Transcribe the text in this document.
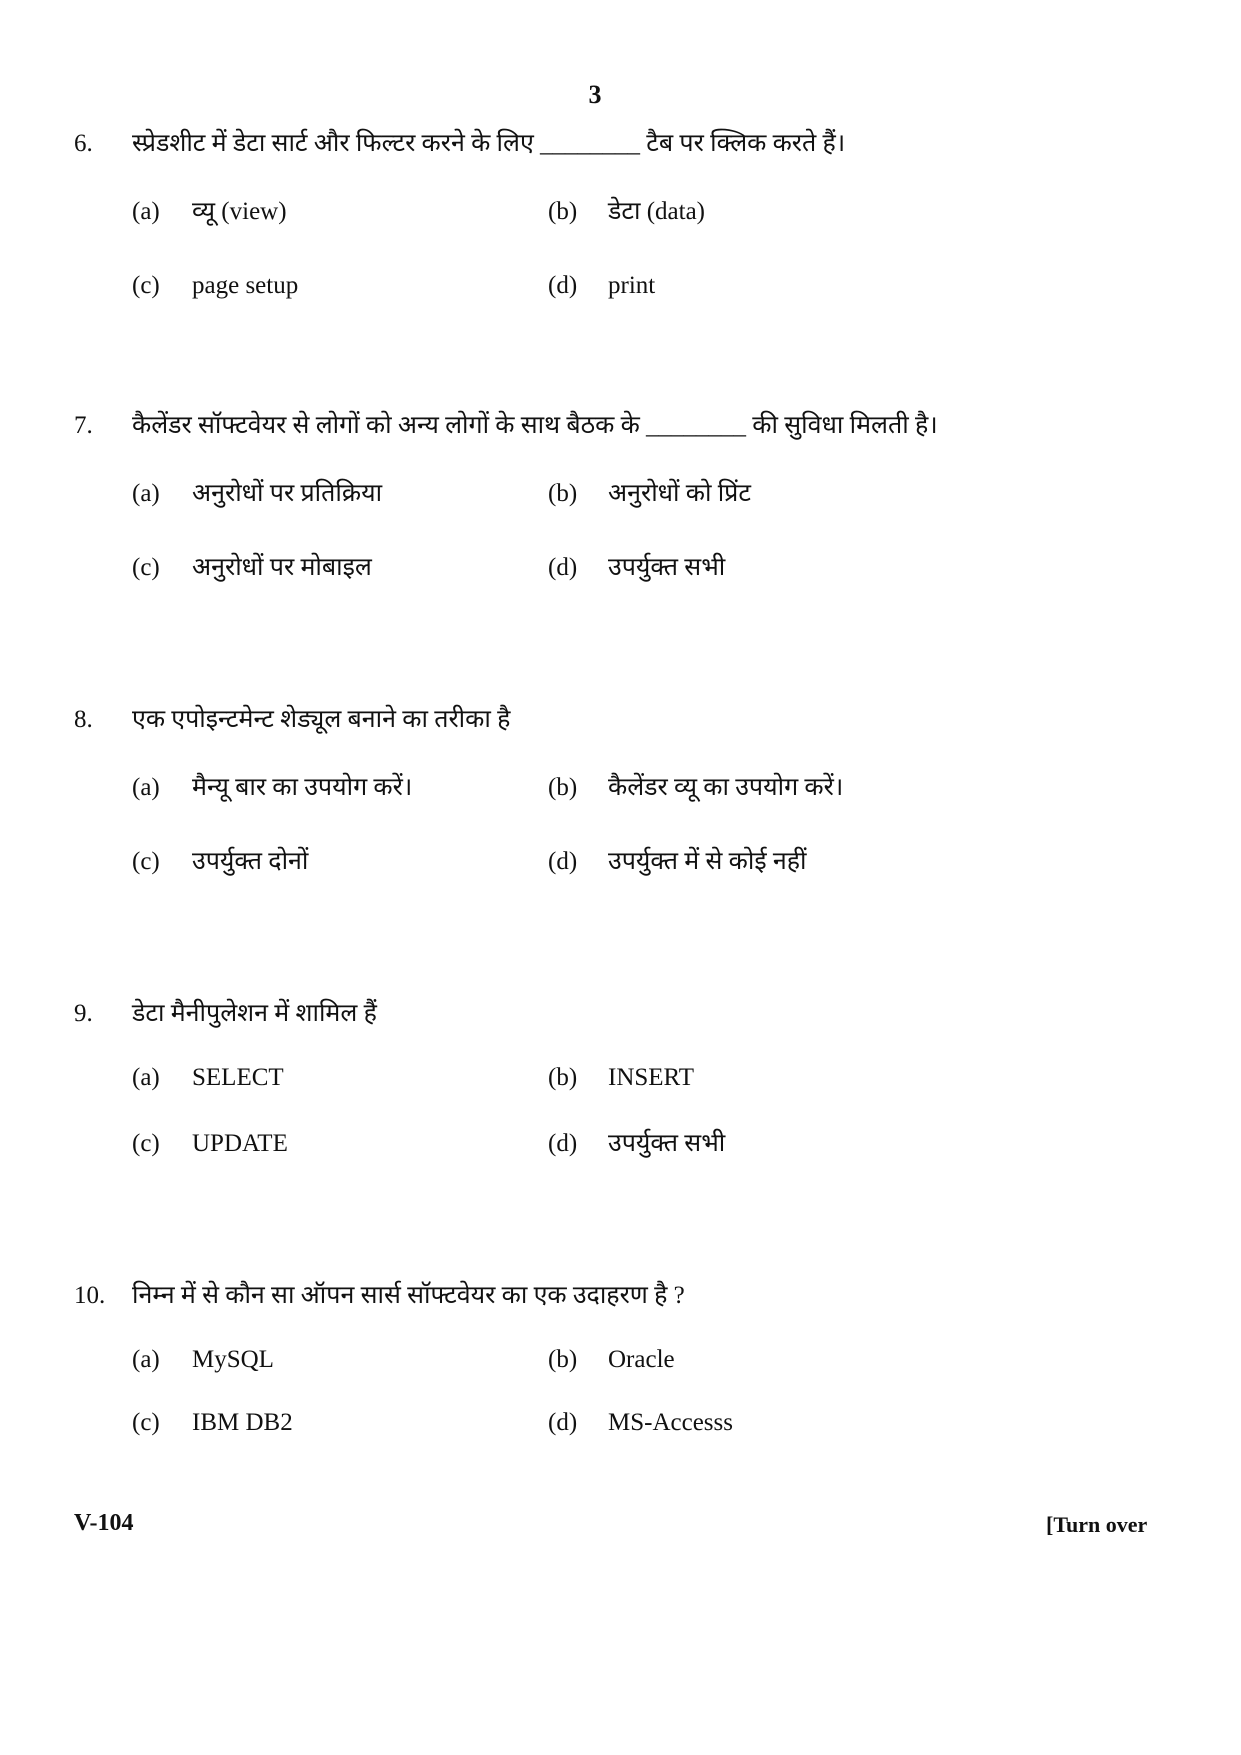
3
6. स्प्रेडशीट में डेटा सार्ट और फिल्टर करने के लिए ________ टैब पर क्लिक करते हैं।
(a) व्यू (view)	(b) डेटा (data)
(c) page setup	(d) print
7. कैलेंडर सॉफ्टवेयर से लोगों को अन्य लोगों के साथ बैठक के ________ की सुविधा मिलती है।
(a) अनुरोधों पर प्रतिक्रिया	(b) अनुरोधों को प्रिंट
(c) अनुरोधों पर मोबाइल	(d) उपर्युक्त सभी
8. एक एपोइन्टमेन्ट शेड्यूल बनाने का तरीका है
(a) मैन्यू बार का उपयोग करें।	(b) कैलेंडर व्यू का उपयोग करें।
(c) उपर्युक्त दोनों	(d) उपर्युक्त में से कोई नहीं
9. डेटा मैनीपुलेशन में शामिल हैं
(a) SELECT	(b) INSERT
(c) UPDATE	(d) उपर्युक्त सभी
10. निम्न में से कौन सा ऑपन सार्स सॉफ्टवेयर का एक उदाहरण है ?
(a) MySQL	(b) Oracle
(c) IBM DB2	(d) MS-Accesss
V-104	[Turn over
